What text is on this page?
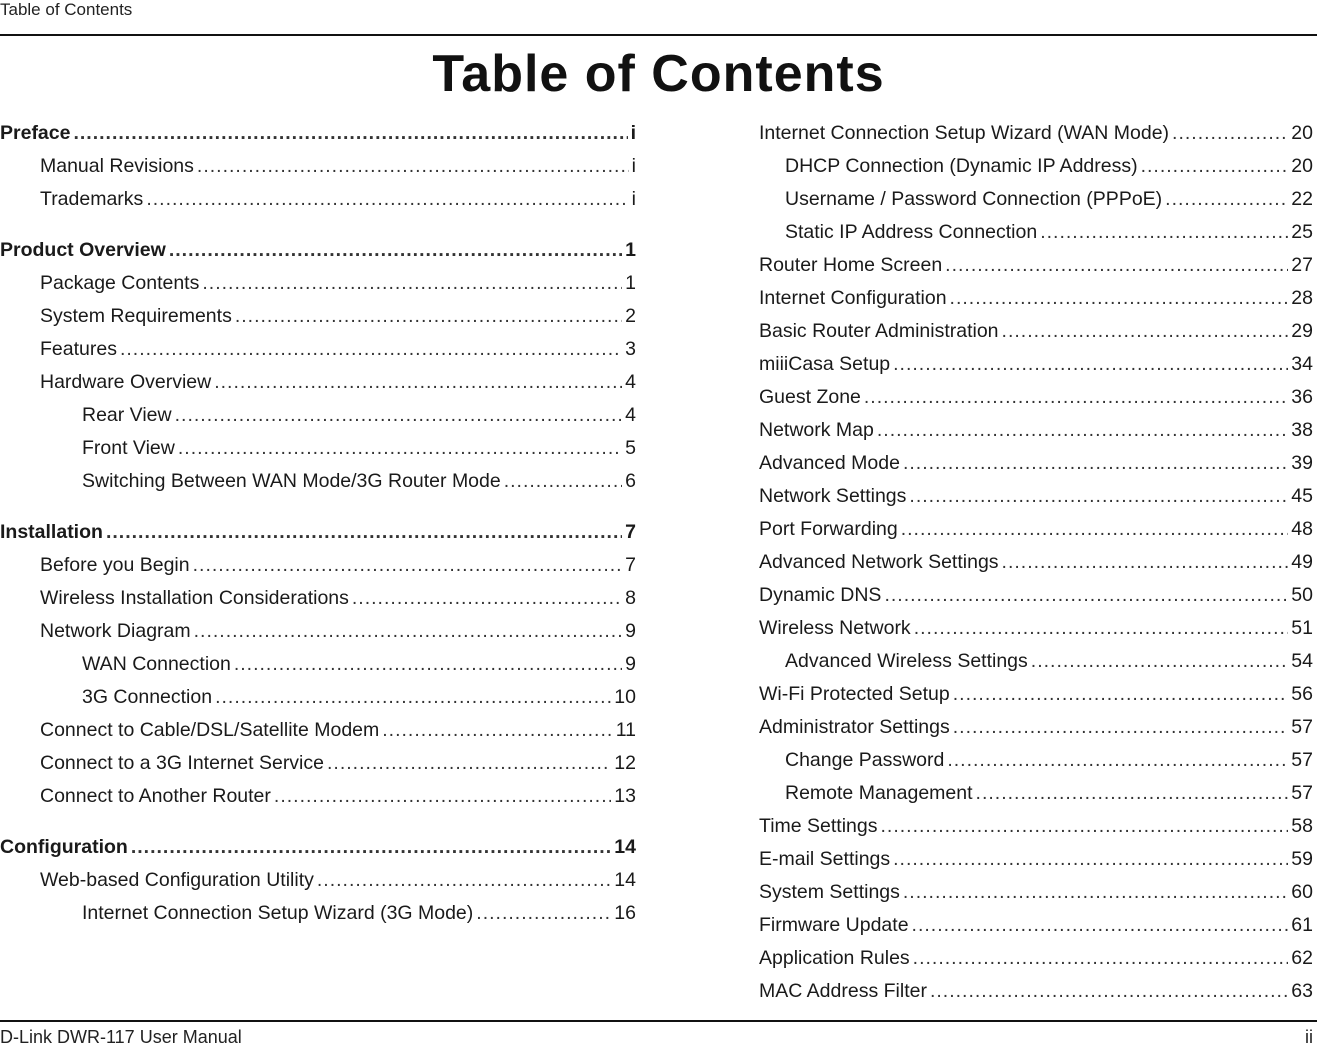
Table of Contents
Table of Contents
Preface .....	i
Manual Revisions .....	i
Trademarks .....	i
Product Overview .....	1
Package Contents .....	1
System Requirements .....	2
Features .....	3
Hardware Overview .....	4
Rear View .....	4
Front View .....	5
Switching Between WAN Mode/3G Router Mode .....	6
Installation .....	7
Before you Begin .....	7
Wireless Installation Considerations .....	8
Network Diagram .....	9
WAN Connection .....	9
3G Connection .....	10
Connect to Cable/DSL/Satellite Modem .....	11
Connect to a 3G Internet Service .....	12
Connect to Another Router .....	13
Configuration .....	14
Web-based Configuration Utility .....	14
Internet Connection Setup Wizard (3G Mode) .....	16
Internet Connection Setup Wizard (WAN Mode) .....	20
DHCP Connection (Dynamic IP Address) .....	20
Username / Password Connection (PPPoE) .....	22
Static IP Address Connection .....	25
Router Home Screen .....	27
Internet Configuration .....	28
Basic Router Administration .....	29
miiiCasa Setup .....	34
Guest Zone .....	36
Network Map .....	38
Advanced Mode .....	39
Network Settings .....	45
Port Forwarding .....	48
Advanced Network Settings .....	49
Dynamic DNS .....	50
Wireless Network .....	51
Advanced Wireless Settings .....	54
Wi-Fi Protected Setup .....	56
Administrator Settings .....	57
Change Password .....	57
Remote Management .....	57
Time Settings .....	58
E-mail Settings .....	59
System Settings .....	60
Firmware Update .....	61
Application Rules .....	62
MAC Address Filter .....	63
D-Link DWR-117 User Manual	ii
